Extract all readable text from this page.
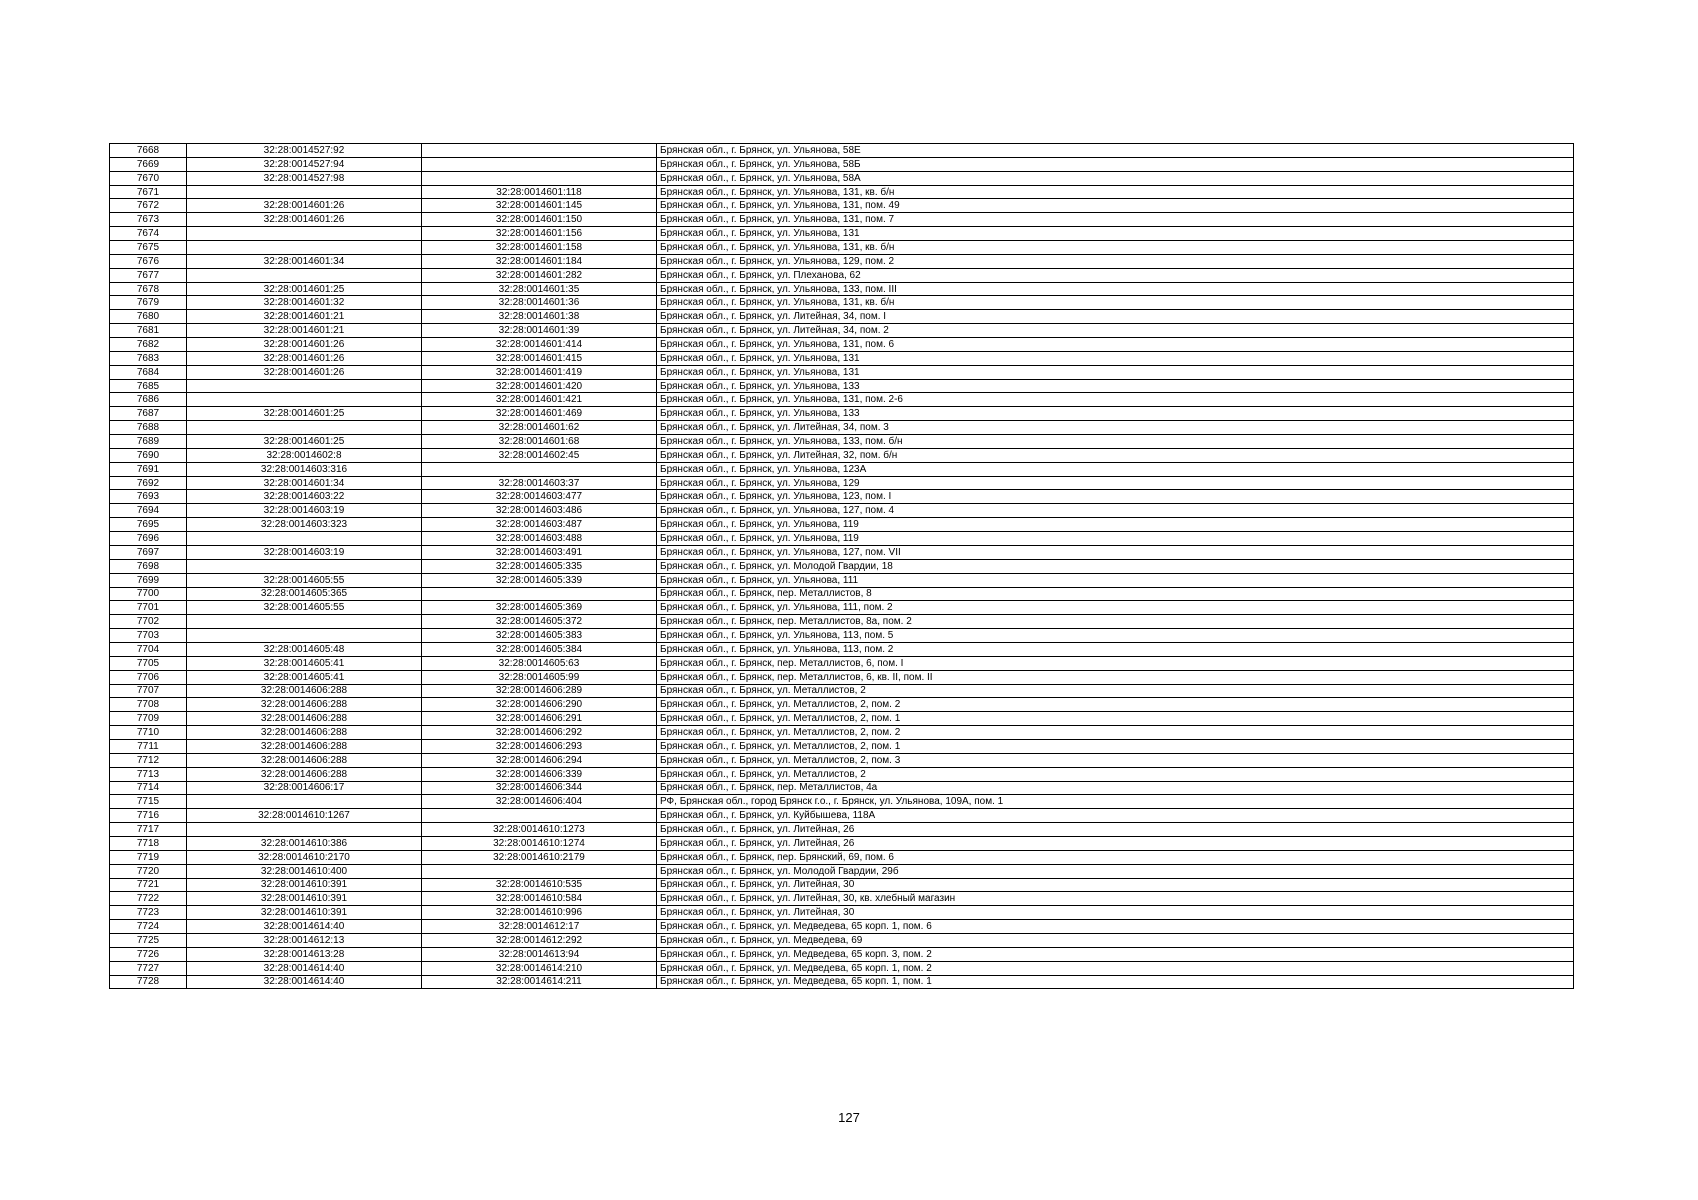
7668	32:28:0014527:92		Брянская обл., г. Брянск, ул. Ульянова, 58Е
7669	32:28:0014527:94		Брянская обл., г. Брянск, ул. Ульянова, 58Б
7670	32:28:0014527:98		Брянская обл., г. Брянск, ул. Ульянова, 58А
7671		32:28:0014601:118	Брянская обл., г. Брянск, ул. Ульянова, 131, кв. б/н
7672	32:28:0014601:26	32:28:0014601:145	Брянская обл., г. Брянск, ул. Ульянова, 131, пом. 49
7673	32:28:0014601:26	32:28:0014601:150	Брянская обл., г. Брянск, ул. Ульянова, 131, пом. 7
7674		32:28:0014601:156	Брянская обл., г. Брянск, ул. Ульянова, 131
7675		32:28:0014601:158	Брянская обл., г. Брянск, ул. Ульянова, 131, кв. б/н
7676	32:28:0014601:34	32:28:0014601:184	Брянская обл., г. Брянск, ул. Ульянова, 129, пом. 2
7677		32:28:0014601:282	Брянская обл., г. Брянск, ул. Плеханова, 62
7678	32:28:0014601:25	32:28:0014601:35	Брянская обл., г. Брянск, ул. Ульянова, 133, пом. III
7679	32:28:0014601:32	32:28:0014601:36	Брянская обл., г. Брянск, ул. Ульянова, 131, кв. б/н
7680	32:28:0014601:21	32:28:0014601:38	Брянская обл., г. Брянск, ул. Литейная, 34, пом. I
7681	32:28:0014601:21	32:28:0014601:39	Брянская обл., г. Брянск, ул. Литейная, 34, пом. 2
7682	32:28:0014601:26	32:28:0014601:414	Брянская обл., г. Брянск, ул. Ульянова, 131, пом. 6
7683	32:28:0014601:26	32:28:0014601:415	Брянская обл., г. Брянск, ул. Ульянова, 131
7684	32:28:0014601:26	32:28:0014601:419	Брянская обл., г. Брянск, ул. Ульянова, 131
7685		32:28:0014601:420	Брянская обл., г. Брянск, ул. Ульянова, 133
7686		32:28:0014601:421	Брянская обл., г. Брянск, ул. Ульянова, 131, пом. 2-6
7687	32:28:0014601:25	32:28:0014601:469	Брянская обл., г. Брянск, ул. Ульянова, 133
7688		32:28:0014601:62	Брянская обл., г. Брянск, ул. Литейная, 34, пом. 3
7689	32:28:0014601:25	32:28:0014601:68	Брянская обл., г. Брянск, ул. Ульянова, 133, пом. б/н
7690	32:28:0014602:8	32:28:0014602:45	Брянская обл., г. Брянск, ул. Литейная, 32, пом. б/н
7691	32:28:0014603:316		Брянская обл., г. Брянск, ул. Ульянова, 123А
7692	32:28:0014601:34	32:28:0014603:37	Брянская обл., г. Брянск, ул. Ульянова, 129
7693	32:28:0014603:22	32:28:0014603:477	Брянская обл., г. Брянск, ул. Ульянова, 123, пом. I
7694	32:28:0014603:19	32:28:0014603:486	Брянская обл., г. Брянск, ул. Ульянова, 127, пом. 4
7695	32:28:0014603:323	32:28:0014603:487	Брянская обл., г. Брянск, ул. Ульянова, 119
7696		32:28:0014603:488	Брянская обл., г. Брянск, ул. Ульянова, 119
7697	32:28:0014603:19	32:28:0014603:491	Брянская обл., г. Брянск, ул. Ульянова, 127, пом. VII
7698		32:28:0014605:335	Брянская обл., г. Брянск, ул. Молодой Гвардии, 18
7699	32:28:0014605:55	32:28:0014605:339	Брянская обл., г. Брянск, ул. Ульянова, 111
7700	32:28:0014605:365		Брянская обл., г. Брянск, пер. Металлистов, 8
7701	32:28:0014605:55	32:28:0014605:369	Брянская обл., г. Брянск, ул. Ульянова, 111, пом. 2
7702		32:28:0014605:372	Брянская обл., г. Брянск, пер. Металлистов, 8а, пом. 2
7703		32:28:0014605:383	Брянская обл., г. Брянск, ул. Ульянова, 113, пом. 5
7704	32:28:0014605:48	32:28:0014605:384	Брянская обл., г. Брянск, ул. Ульянова, 113, пом. 2
7705	32:28:0014605:41	32:28:0014605:63	Брянская обл., г. Брянск, пер. Металлистов, 6, пом. I
7706	32:28:0014605:41	32:28:0014605:99	Брянская обл., г. Брянск, пер. Металлистов, 6, кв. II, пом. II
7707	32:28:0014606:288	32:28:0014606:289	Брянская обл., г. Брянск, ул. Металлистов, 2
7708	32:28:0014606:288	32:28:0014606:290	Брянская обл., г. Брянск, ул. Металлистов, 2, пом. 2
7709	32:28:0014606:288	32:28:0014606:291	Брянская обл., г. Брянск, ул. Металлистов, 2, пом. 1
7710	32:28:0014606:288	32:28:0014606:292	Брянская обл., г. Брянск, ул. Металлистов, 2, пом. 2
7711	32:28:0014606:288	32:28:0014606:293	Брянская обл., г. Брянск, ул. Металлистов, 2, пом. 1
7712	32:28:0014606:288	32:28:0014606:294	Брянская обл., г. Брянск, ул. Металлистов, 2, пом. 3
7713	32:28:0014606:288	32:28:0014606:339	Брянская обл., г. Брянск, ул. Металлистов, 2
7714	32:28:0014606:17	32:28:0014606:344	Брянская обл., г. Брянск, пер. Металлистов, 4а
7715		32:28:0014606:404	РФ, Брянская обл., город Брянск г.о., г. Брянск, ул. Ульянова, 109А, пом. 1
7716	32:28:0014610:1267		Брянская обл., г. Брянск, ул. Куйбышева, 118А
7717		32:28:0014610:1273	Брянская обл., г. Брянск, ул. Литейная, 26
7718	32:28:0014610:386	32:28:0014610:1274	Брянская обл., г. Брянск, ул. Литейная, 26
7719	32:28:0014610:2170	32:28:0014610:2179	Брянская обл., г. Брянск, пер. Брянский, 69, пом. 6
7720	32:28:0014610:400		Брянская обл., г. Брянск, ул. Молодой Гвардии, 29б
7721	32:28:0014610:391	32:28:0014610:535	Брянская обл., г. Брянск, ул. Литейная, 30
7722	32:28:0014610:391	32:28:0014610:584	Брянская обл., г. Брянск, ул. Литейная, 30, кв. хлебный магазин
7723	32:28:0014610:391	32:28:0014610:996	Брянская обл., г. Брянск, ул. Литейная, 30
7724	32:28:0014614:40	32:28:0014612:17	Брянская обл., г. Брянск, ул. Медведева, 65 корп. 1, пом. 6
7725	32:28:0014612:13	32:28:0014612:292	Брянская обл., г. Брянск, ул. Медведева, 69
7726	32:28:0014613:28	32:28:0014613:94	Брянская обл., г. Брянск, ул. Медведева, 65 корп. 3, пом. 2
7727	32:28:0014614:40	32:28:0014614:210	Брянская обл., г. Брянск, ул. Медведева, 65 корп. 1, пом. 2
7728	32:28:0014614:40	32:28:0014614:211	Брянская обл., г. Брянск, ул. Медведева, 65 корп. 1, пом. 1
127
